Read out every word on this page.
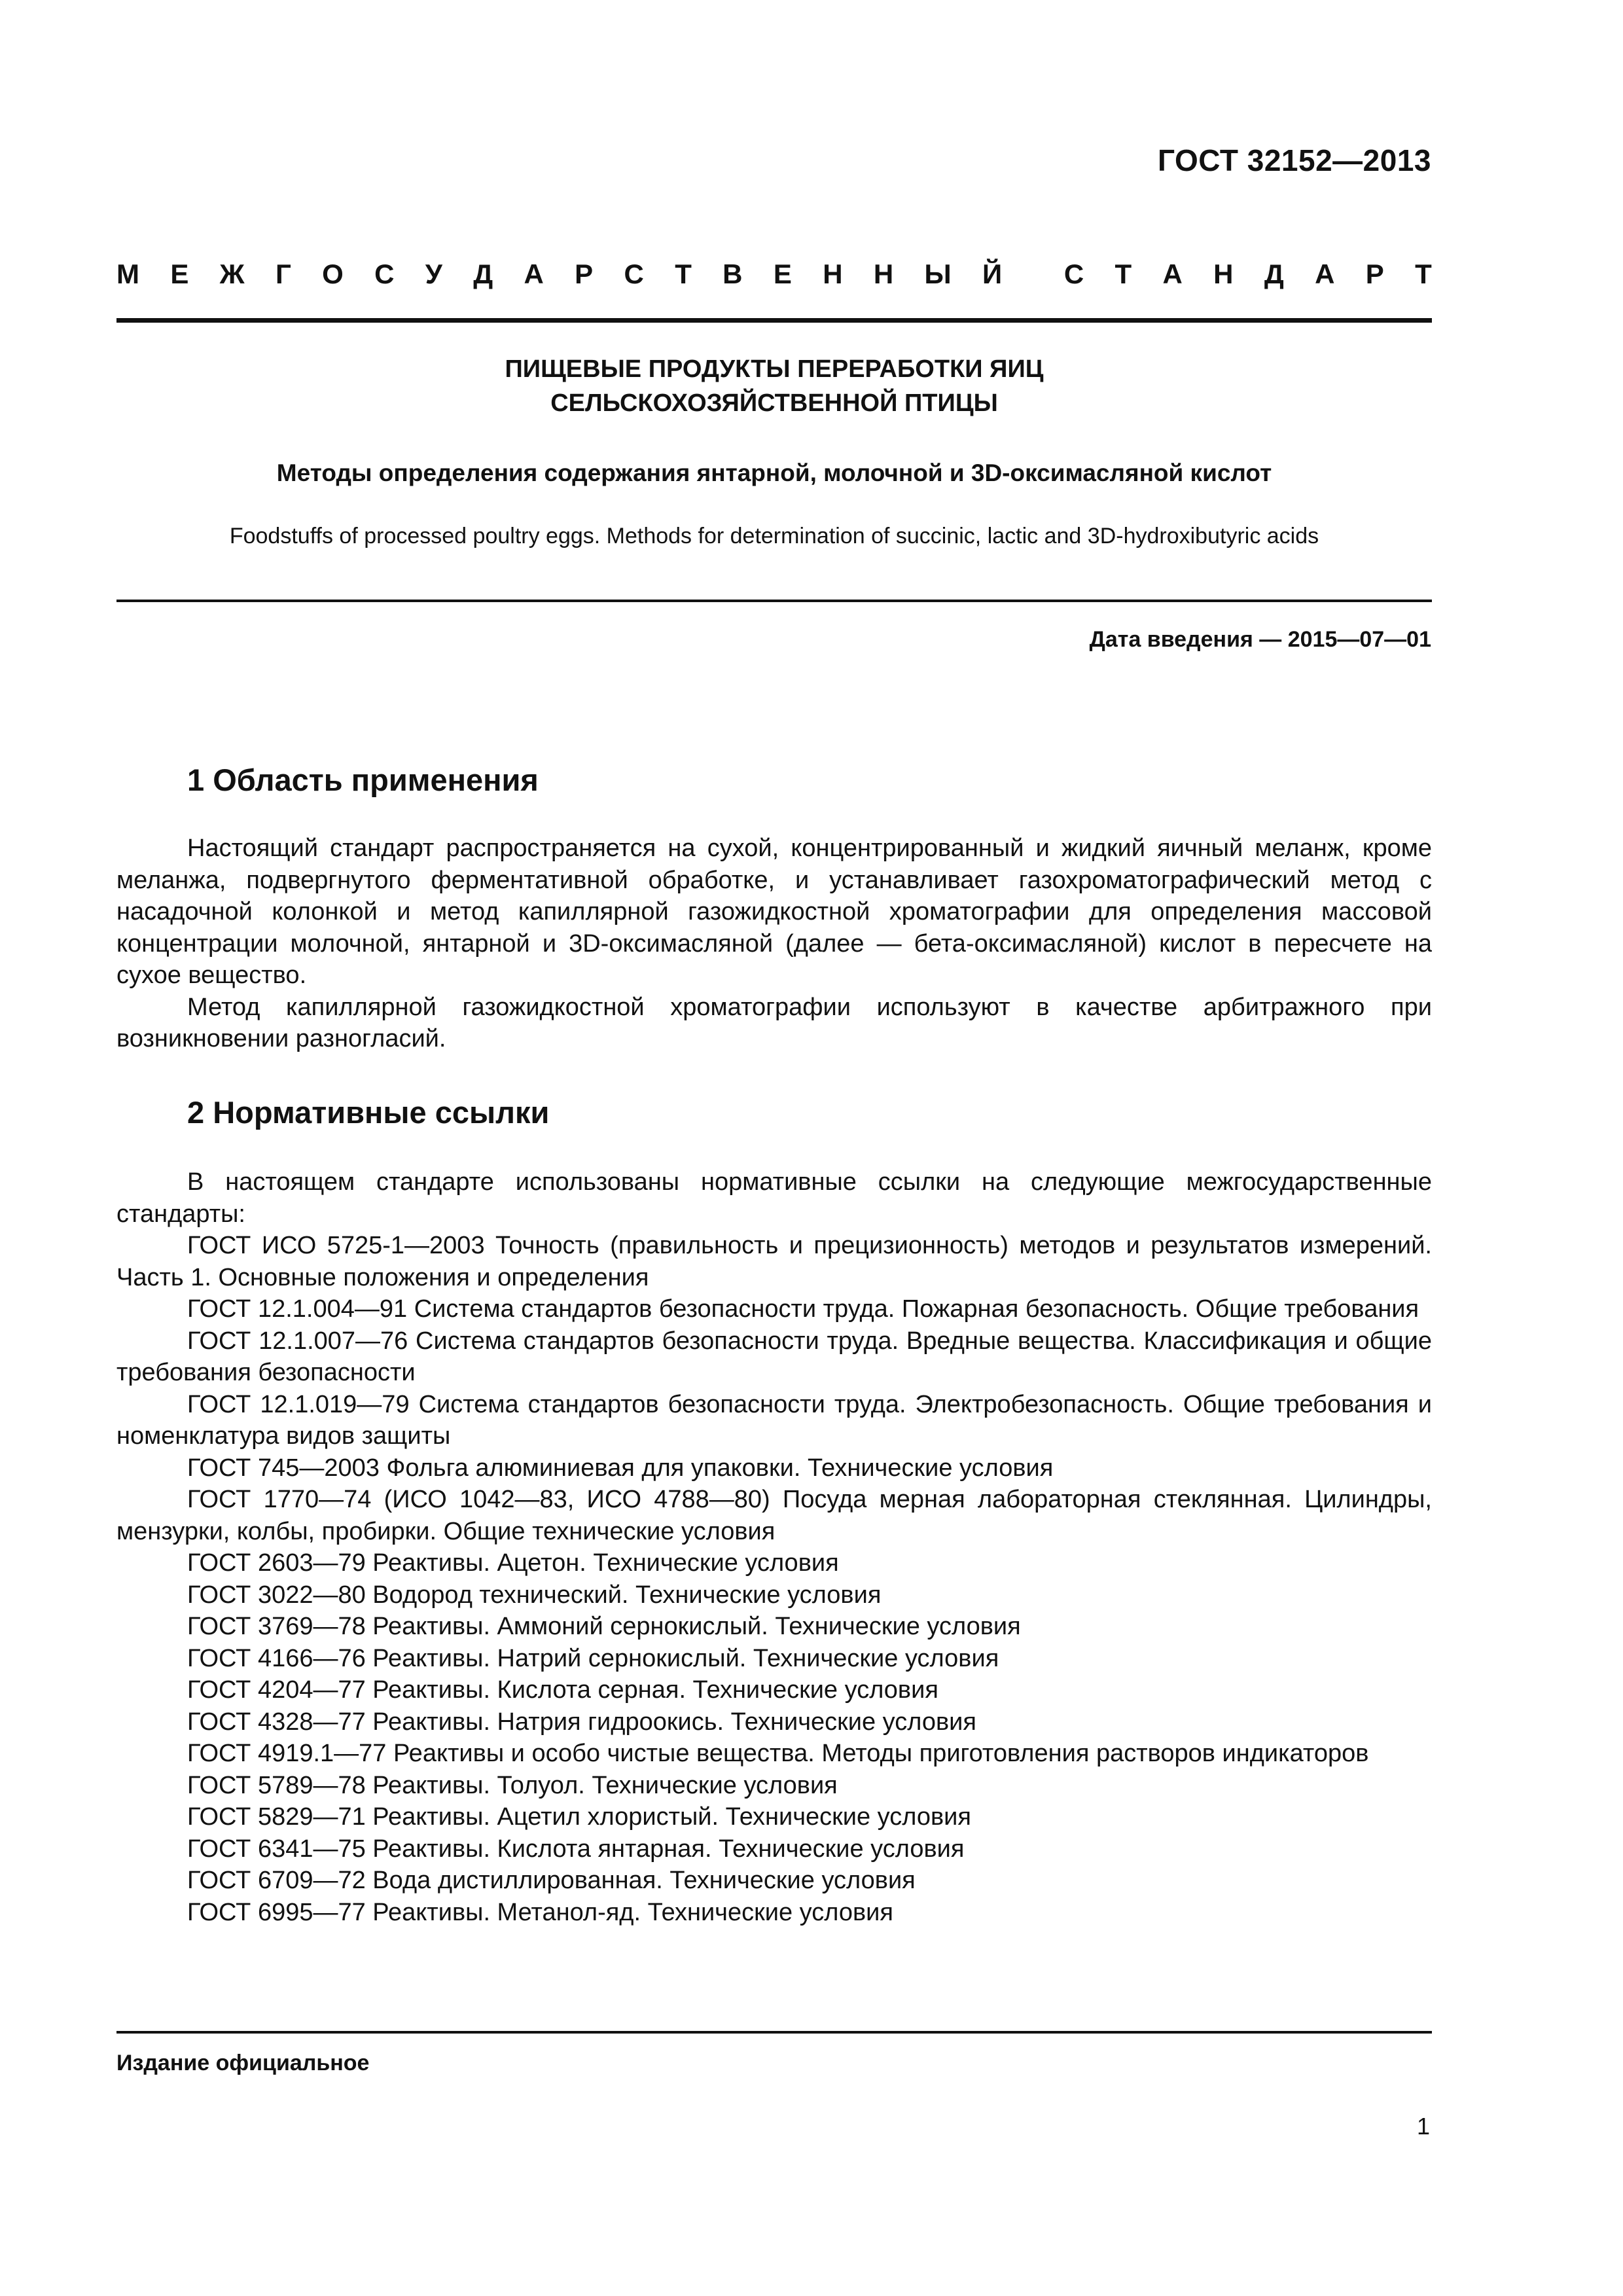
ГОСТ 32152—2013
М Е Ж Г О С У Д А Р С Т В Е Н Н Ы Й С Т А Н Д А Р Т
ПИЩЕВЫЕ ПРОДУКТЫ ПЕРЕРАБОТКИ ЯИЦ
СЕЛЬСКОХОЗЯЙСТВЕННОЙ ПТИЦЫ
Методы определения содержания янтарной, молочной и 3D-оксимасляной кислот
Foodstuffs of processed poultry eggs. Methods for determination of succinic, lactic and 3D-hydroxibutyric acids
Дата введения — 2015—07—01
1 Область применения

Настоящий стандарт распространяется на сухой, концентрированный и жидкий яичный меланж, кроме меланжа, подвергнутого ферментативной обработке, и устанавливает газохроматографический метод с насадочной колонкой и метод капиллярной газожидкостной хроматографии для определения массовой концентрации молочной, янтарной и 3D-оксимасляной (далее — бета-оксимасляной) кислот в пересчете на сухое вещество.

Метод капиллярной газожидкостной хроматографии используют в качестве арбитражного при возникновении разногласий.

2 Нормативные ссылки

В настоящем стандарте использованы нормативные ссылки на следующие межгосударственные стандарты:

ГОСТ ИСО 5725-1—2003 Точность (правильность и прецизионность) методов и результатов измерений. Часть 1. Основные положения и определения

ГОСТ 12.1.004—91 Система стандартов безопасности труда. Пожарная безопасность. Общие требования

ГОСТ 12.1.007—76 Система стандартов безопасности труда. Вредные вещества. Классификация и общие требования безопасности

ГОСТ 12.1.019—79 Система стандартов безопасности труда. Электробезопасность. Общие требования и номенклатура видов защиты

ГОСТ 745—2003 Фольга алюминиевая для упаковки. Технические условия

ГОСТ 1770—74 (ИСО 1042—83, ИСО 4788—80) Посуда мерная лабораторная стеклянная. Цилиндры, мензурки, колбы, пробирки. Общие технические условия

ГОСТ 2603—79 Реактивы. Ацетон. Технические условия

ГОСТ 3022—80 Водород технический. Технические условия

ГОСТ 3769—78 Реактивы. Аммоний сернокислый. Технические условия

ГОСТ 4166—76 Реактивы. Натрий сернокислый. Технические условия

ГОСТ 4204—77 Реактивы. Кислота серная. Технические условия

ГОСТ 4328—77 Реактивы. Натрия гидроокись. Технические условия

ГОСТ 4919.1—77 Реактивы и особо чистые вещества. Методы приготовления растворов индикаторов

ГОСТ 5789—78 Реактивы. Толуол. Технические условия

ГОСТ 5829—71 Реактивы. Ацетил хлористый. Технические условия

ГОСТ 6341—75 Реактивы. Кислота янтарная. Технические условия

ГОСТ 6709—72 Вода дистиллированная. Технические условия

ГОСТ 6995—77 Реактивы. Метанол-яд. Технические условия

Издание официальное
1
